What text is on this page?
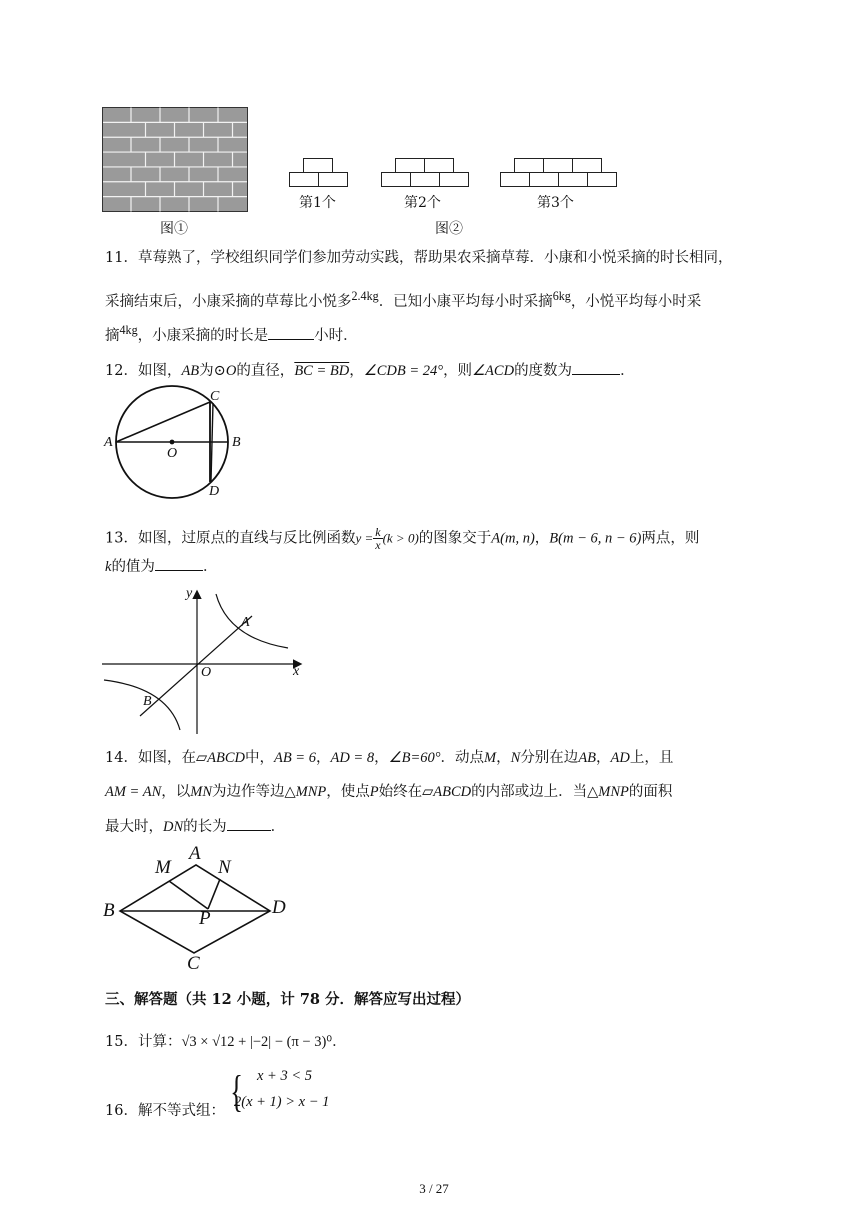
图①
第1个	第2个	第3个
图②
11．草莓熟了，学校组织同学们参加劳动实践，帮助果农采摘草莓．小康和小悦采摘的时长相同，
采摘结束后，小康采摘的草莓比小悦多$^{2.4kg}$．已知小康平均每小时采摘$^{6kg}$，小悦平均每小时采
摘$^{4kg}$，小康采摘的时长是	小时．
12．如图，AB为⊙O的直径，BC = BD，∠CDB = 24°，则∠ACD的度数为	．
A	B
C
D
O
13．如图，过原点的直线与反比例函数$y = \frac{k}{x} (k > 0)$的图象交于A(m, n)，B(m − 6, n − 6)两点，则
k的值为	．
y
x
O
A
B
14．如图，在▱ABCD中，AB = 6，AD = 8，∠B=60°．动点M，N分别在边AB，AD上，且
AM = AN，以MN为边作等边△MNP，使点P始终在▱ABCD的内部或边上．当△MNP的面积
最大时，DN的长为	．
A
B
C
D
M N
P
三、解答题（共 12 小题，计 78 分．解答应写出过程）
15．计算：√3 × √12 + |−2| − (π − 3)⁰．
16．解不等式组： { x + 3 < 5
2(x + 1) > x − 1
3 / 27
